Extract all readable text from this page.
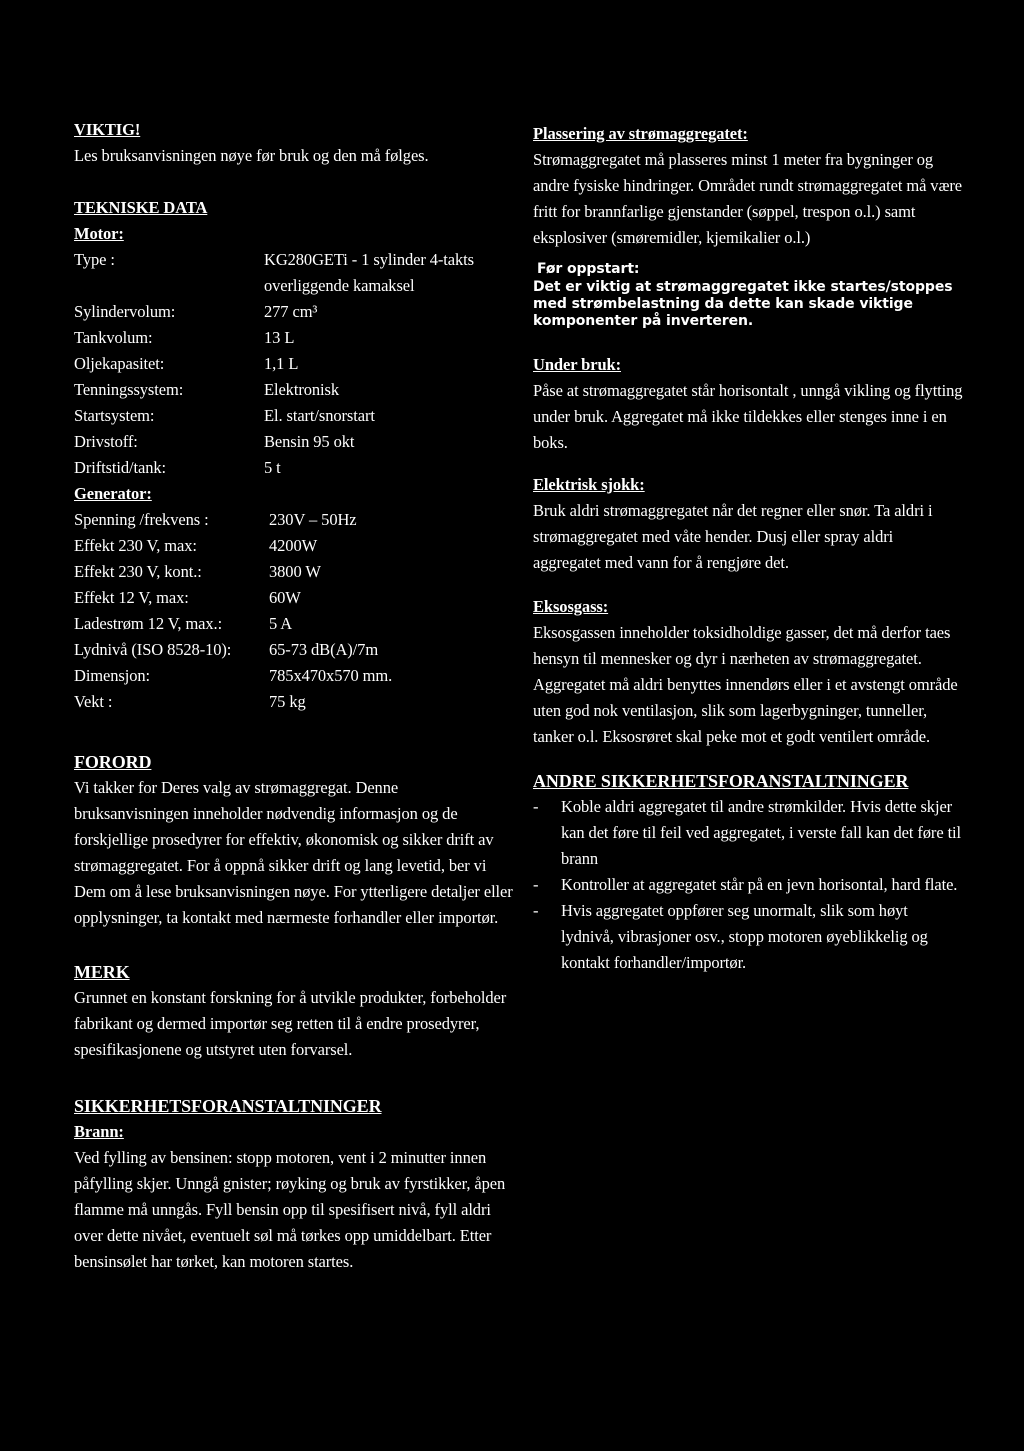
VIKTIG!

Les bruksanvisningen nøye før bruk og den må følges.

TEKNISKE DATA

Motor:

Type :	KG280GETi - 1 sylinder 4-takts
overliggende kamaksel
Sylindervolum:	277 cm³
Tankvolum:	13 L
Oljekapasitet:	1,1 L
Tenningssystem:	Elektronisk
Startsystem:	El. start/snorstart
Drivstoff:	Bensin 95 okt
Driftstid/tank:	5 t

Generator:

Spenning /frekvens :	230V – 50Hz
Effekt 230 V, max:	4200W
Effekt 230 V, kont.:	3800 W
Effekt 12 V, max:	60W
Ladestrøm 12 V, max.:	5 A
Lydnivå (ISO 8528-10):	65-73 dB(A)/7m
Dimensjon:	785x470x570 mm.
Vekt :	75 kg

FORORD

Vi takker for Deres valg av strømaggregat. Denne bruksanvisningen inneholder nødvendig informasjon og de forskjellige prosedyrer for effektiv, økonomisk og sikker drift av strømaggregatet. For å oppnå sikker drift og lang levetid, ber vi Dem om å lese bruksanvisningen nøye. For ytterligere detaljer eller opplysninger, ta kontakt med nærmeste forhandler eller importør.

MERK

Grunnet en konstant forskning for å utvikle produkter, forbeholder fabrikant og dermed importør seg retten til å endre prosedyrer, spesifikasjonene og utstyret uten forvarsel.

SIKKERHETSFORANSTALTNINGER

Brann:

Ved fylling av bensinen: stopp motoren, vent i 2 minutter innen påfylling skjer. Unngå gnister; røyking og bruk av fyrstikker, åpen flamme må unngås. Fyll bensin opp til spesifisert nivå, fyll aldri over dette nivået, eventuelt søl må tørkes opp umiddelbart. Etter bensinsølet har tørket, kan motoren startes.

Plassering av strømaggregatet:

Strømaggregatet må plasseres minst 1 meter fra bygninger og andre fysiske hindringer. Området rundt strømaggregatet må være fritt for brannfarlige gjenstander (søppel, trespon o.l.) samt eksplosiver (smøremidler, kjemikalier o.l.)

Før oppstart:

Det er viktig at strømaggregatet ikke startes/stoppes med strømbelastning da dette kan skade viktige komponenter på inverteren.

Under bruk:

Påse at strømaggregatet står horisontalt , unngå vikling og flytting under bruk. Aggregatet må ikke tildekkes eller stenges inne i en boks.

Elektrisk sjokk:

Bruk aldri strømaggregatet når det regner eller snør. Ta aldri i strømaggregatet med våte hender. Dusj eller spray aldri aggregatet med vann for å rengjøre det.

Eksosgass:

Eksosgassen inneholder toksidholdige gasser, det må derfor taes hensyn til mennesker og dyr i nærheten av strømaggregatet. Aggregatet må aldri benyttes innendørs eller i et avstengt område uten god nok ventilasjon, slik som lagerbygninger, tunneller, tanker o.l. Eksosrøret skal peke mot et godt ventilert område.

ANDRE SIKKERHETSFORANSTALTNINGER

- Koble aldri aggregatet til andre strømkilder. Hvis dette skjer kan det føre til feil ved aggregatet, i verste fall kan det føre til brann
- Kontroller at aggregatet står på en jevn horisontal, hard flate.
- Hvis aggregatet oppfører seg unormalt, slik som høyt lydnivå, vibrasjoner osv., stopp motoren øyeblikkelig og kontakt forhandler/importør.
